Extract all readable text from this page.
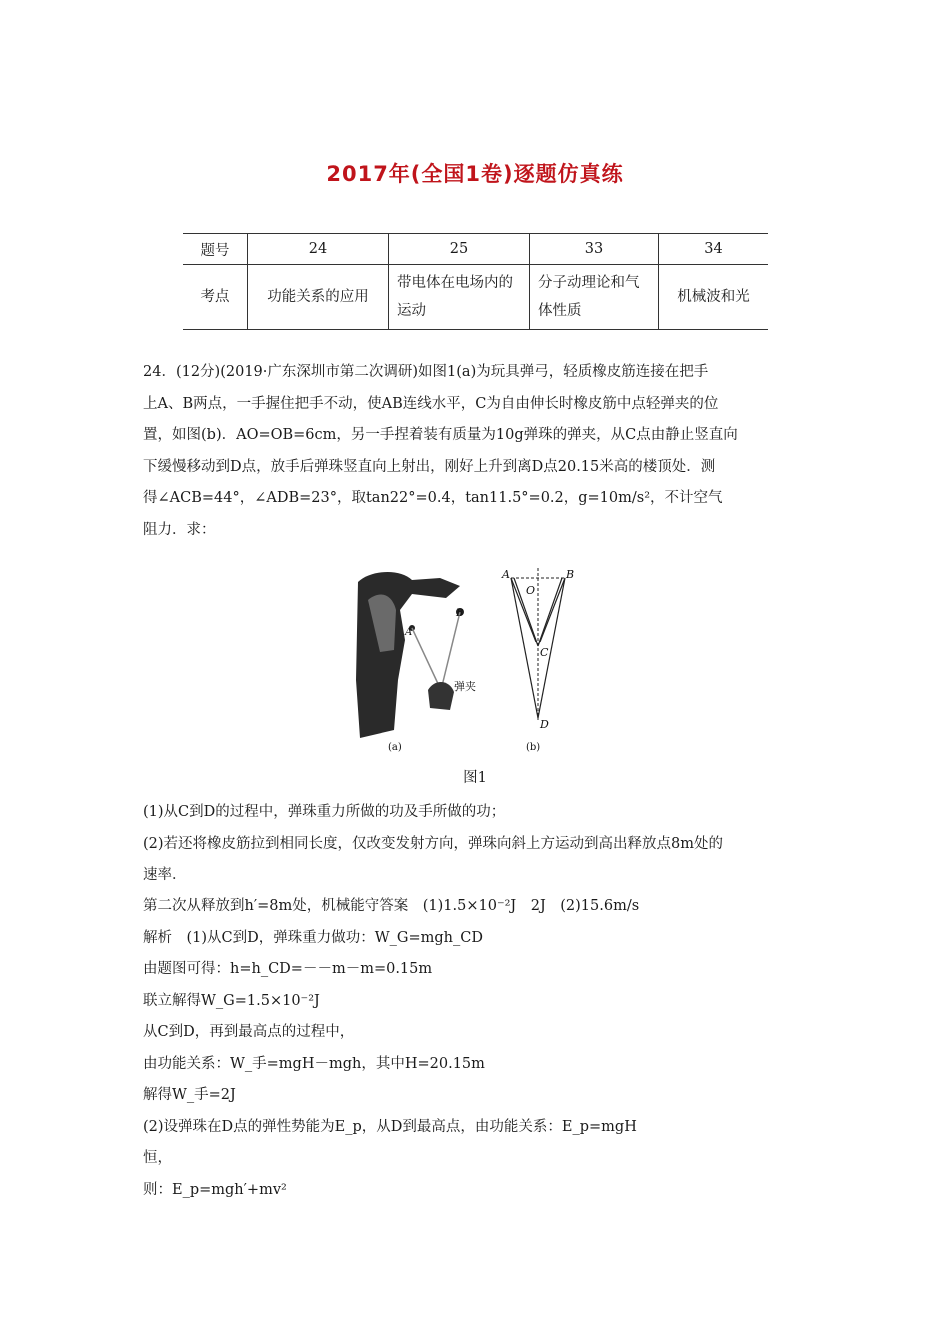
2017年(全国1卷)逐题仿真练
题号	24	25	33	34
考点	功能关系的应用	带电体在电场内的运动	分子动理论和气体性质	机械波和光
24．(12分)(2019·广东深圳市第二次调研)如图1(a)为玩具弹弓，轻质橡皮筋连接在把手
上A、B两点，一手握住把手不动，使AB连线水平，C为自由伸长时橡皮筋中点轻弹夹的位
置，如图(b)．AO=OB=6cm，另一手捏着装有质量为10g弹珠的弹夹，从C点由静止竖直向
下缓慢移动到D点，放手后弹珠竖直向上射出，刚好上升到离D点20.15米高的楼顶处．测
得∠ACB=44°，∠ADB=23°，取tan22°=0.4，tan11.5°=0.2，g=10m/s²，不计空气
阻力．求：
B
A
弹夹
A	B
O
C
D
(a)	(b)
图1
(1)从C到D的过程中，弹珠重力所做的功及手所做的功；
(2)若还将橡皮筋拉到相同长度，仅改变发射方向，弹珠向斜上方运动到高出释放点8m处的
速率．
第二次从释放到h′=8m处，机械能守答案　(1)1.5×10⁻²J　2J　(2)15.6m/s
解析　(1)从C到D，弹珠重力做功：W_G=mgh_CD
由题图可得：h=h_CD=－－m－m=0.15m
联立解得W_G=1.5×10⁻²J
从C到D，再到最高点的过程中，
由功能关系：W_手=mgH－mgh，其中H=20.15m
解得W_手=2J
(2)设弹珠在D点的弹性势能为E_p，从D到最高点，由功能关系：E_p=mgH
恒，
则：E_p=mgh′+mv²
